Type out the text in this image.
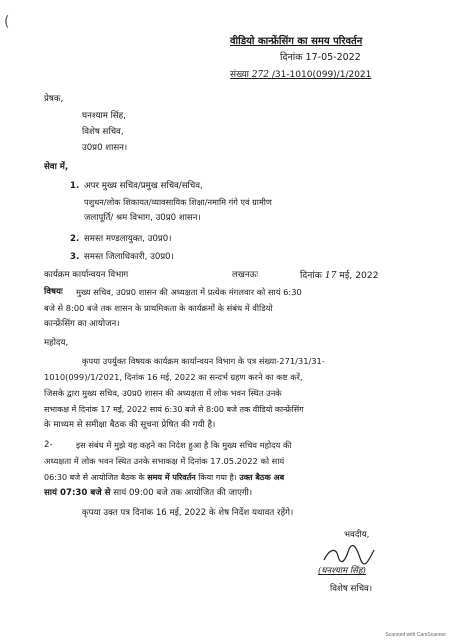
(
वीडियो कान्फ्रेंसिंग का समय परिवर्तन
दिनांक 17-05-2022
संख्या 272 /31-1010(099)/1/2021
प्रेषक,
घनश्याम सिंह,
विशेष सचिव,
उ0प्र0 शासन।
सेवा में,
1. अपर मुख्य सचिव/प्रमुख सचिव/सचिव,
पशुधन/लोक शिकायत/व्यावसायिक शिक्षा/नमामि गंगे एवं ग्रामीण
जलापूर्ति/ श्रम विभाग, उ0प्र0 शासन।
2. समस्त मण्डलायुक्त, उ0प्र0।
3. समस्त जिलाधिकारी, उ0प्र0।
कार्यक्रम कार्यान्वयन विभाग	लखनऊः	दिनांक 17 मई, 2022
विषयः मुख्य सचिव, उ0प्र0 शासन की अध्यक्षता में प्रत्येक मंगलवार को सायं 6:30
बजे से 8:00 बजे तक शासन के प्राथमिकता के कार्यक्रमों के संबंध में वीडियो
कान्फ्रेंसिंग का आयोजन।
महोदय,
कृपया उपर्युक्त विषयक कार्यक्रम कार्यान्वयन विभाग के पत्र संख्या-271/31/31-
1010(099)/1/2021, दिनांक 16 मई, 2022 का सन्दर्भ ग्रहण करने का कष्ट करें,
जिसके द्वारा मुख्य सचिव, उ0प्र0 शासन की अध्यक्षता में लोक भवन स्थित उनके
सभाकक्ष में दिनांक 17 मई, 2022 सायं 6:30 बजे से 8:00 बजे तक वीडियो कान्फ्रेंसिंग
के माध्यम से समीक्षा बैठक की सूचना प्रेषित की गयी है।
2-	इस संबंध में मुझे यह कहने का निदेश हुआ है कि मुख्य सचिव महोदय की
अध्यक्षता में लोक भवन स्थित उनके सभाकक्ष में दिनांक 17.05.2022 को सायं
06:30 बजे से आयोजित बैठक के समय में परिवर्तन किया गया है। उक्त बैठक अब
सायं 07:30 बजे से सायं 09:00 बजे तक आयोजित की जाएगी।
कृपया उक्त पत्र दिनांक 16 मई, 2022 के शेष निर्देश यथावत रहेंगे।
भवदीय,
(घनश्याम सिंह)
विशेष सचिव।
Scanned with CamScanner
